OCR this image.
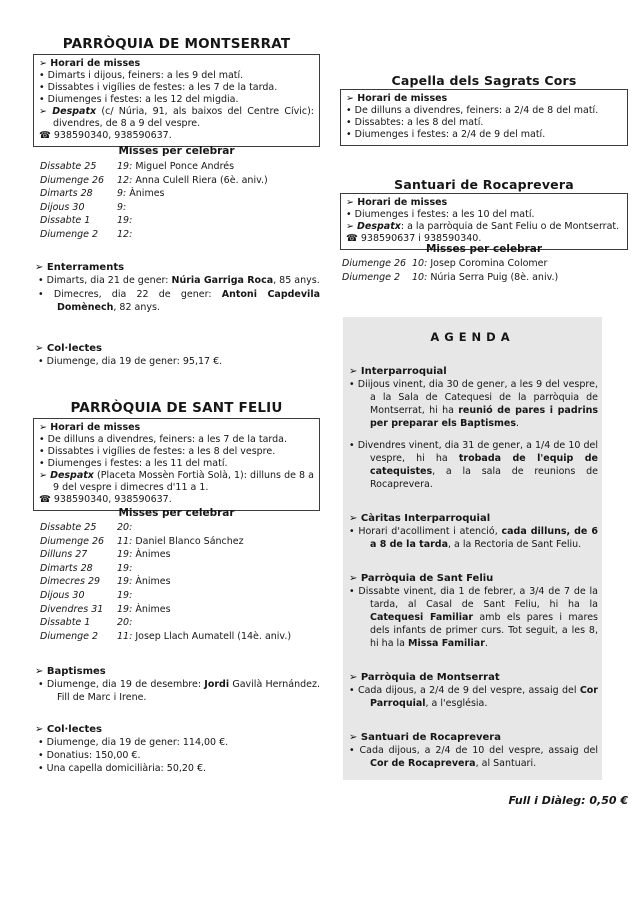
PARRÒQUIA DE MONTSERRAT
➢ Horari de misses
• Dimarts i dijous, feiners: a les 9 del matí.
• Dissabtes i vigílies de festes: a les 7 de la tarda.
• Diumenges i festes: a les 12 del migdia.
➢ Despatx (c/ Núria, 91, als baixos del Centre Cívic): divendres, de 8 a 9 del vespre.
☎ 938590340, 938590637.
Misses per celebrar
Dissabte 25	19: Miguel Ponce Andrés
Diumenge 26	12: Anna Culell Riera (6è. aniv.)
Dimarts 28	9: Ànimes
Dijous 30	9:
Dissabte 1	19:
Diumenge 2	12:
➢ Enterraments
• Dimarts, dia 21 de gener: Núria Garriga Roca, 85 anys.
• Dimecres, dia 22 de gener: Antoni Capdevila Domènech, 82 anys.
➢ Col·lectes
• Diumenge, dia 19 de gener: 95,17 €.
PARRÒQUIA DE SANT FELIU
➢ Horari de misses
• De dilluns a divendres, feiners: a les 7 de la tarda.
• Dissabtes i vigílies de festes: a les 8 del vespre.
• Diumenges i festes: a les 11 del matí.
➢ Despatx (Placeta Mossèn Fortià Solà, 1): dilluns de 8 a 9 del vespre i dimecres d'11 a 1.
☎ 938590340, 938590637.
Misses per celebrar
Dissabte 25	20:
Diumenge 26	11: Daniel Blanco Sánchez
Dilluns 27	19: Ànimes
Dimarts 28	19:
Dimecres 29	19: Ànimes
Dijous 30	19:
Divendres 31	19: Ànimes
Dissabte 1	20:
Diumenge 2	11: Josep Llach Aumatell (14è. aniv.)
➢ Baptismes
• Diumenge, dia 19 de desembre: Jordi Gavilà Hernández. Fill de Marc i Irene.
➢ Col·lectes
• Diumenge, dia 19 de gener: 114,00 €.
• Donatius: 150,00 €.
• Una capella domiciliària: 50,20 €.
Capella dels Sagrats Cors
➢ Horari de misses
• De dilluns a divendres, feiners: a 2/4 de 8 del matí.
• Dissabtes: a les 8 del matí.
• Diumenges i festes: a 2/4 de 9 del matí.
Santuari de Rocaprevera
➢ Horari de misses
• Diumenges i festes: a les 10 del matí.
➢ Despatx: a la parròquia de Sant Feliu o de Montserrat.
☎ 938590637 i 938590340.
Misses per celebrar
Diumenge 26 10: Josep Coromina Colomer
Diumenge 2	10: Núria Serra Puig (8è. aniv.)
AGENDA
➢ Interparroquial
• Diijous vinent, dia 30 de gener, a les 9 del vespre, a la Sala de Catequesi de la parròquia de Montserrat, hi ha reunió de pares i padrins per preparar els Baptismes.
• Divendres vinent, dia 31 de gener, a 1/4 de 10 del vespre, hi ha trobada de l'equip de catequistes, a la sala de reunions de Rocaprevera.
➢ Càritas Interparroquial
• Horari d'acolliment i atenció, cada dilluns, de 6 a 8 de la tarda, a la Rectoria de Sant Feliu.
➢ Parròquia de Sant Feliu
• Dissabte vinent, dia 1 de febrer, a 3/4 de 7 de la tarda, al Casal de Sant Feliu, hi ha la Catequesi Familiar amb els pares i mares dels infants de primer curs. Tot seguit, a les 8, hi ha la Missa Familiar.
➢ Parròquia de Montserrat
• Cada dijous, a 2/4 de 9 del vespre, assaig del Cor Parroquial, a l'església.
➢ Santuari de Rocaprevera
• Cada dijous, a 2/4 de 10 del vespre, assaig del Cor de Rocaprevera, al Santuari.
Full i Diàleg: 0,50 €
